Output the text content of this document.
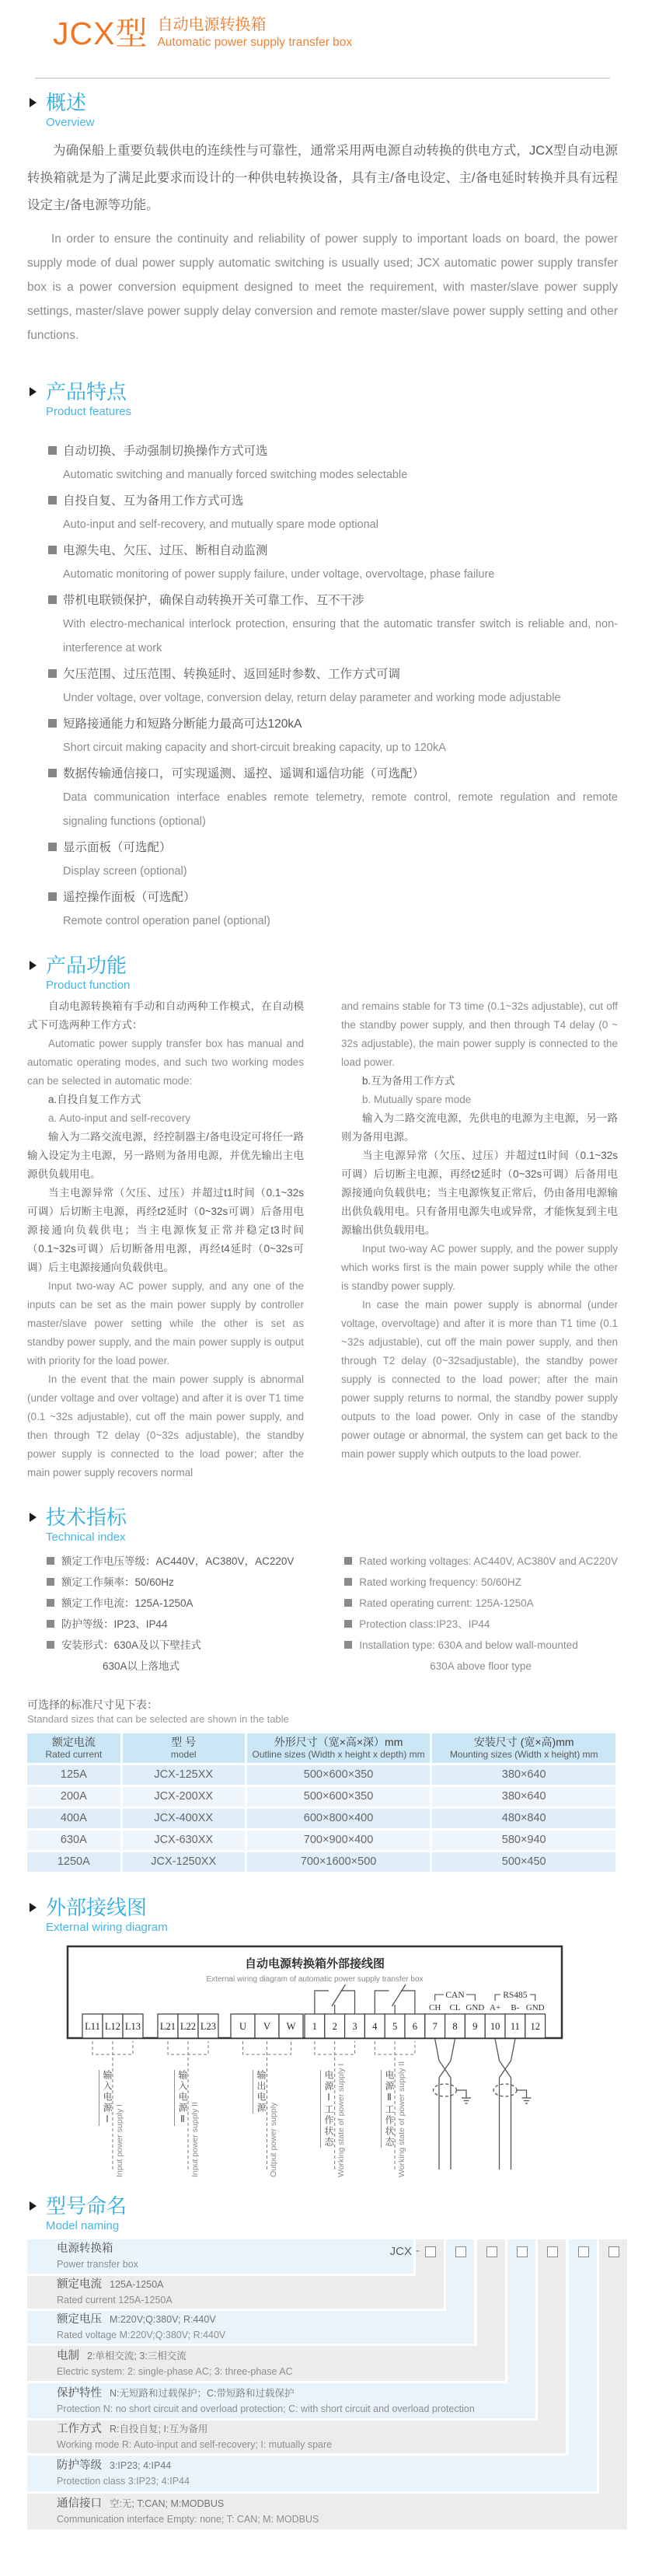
JCX型 自动电源转换箱
Automatic power supply transfer box
概述
Overview

为确保船上重要负载供电的连续性与可靠性，通常采用两电源自动转换的供电方式，JCX型自动电源转换箱就是为了满足此要求而设计的一种供电转换设备，具有主/备电设定、主/备电延时转换并具有远程设定主/备电源等功能。

In order to ensure the continuity and reliability of power supply to important loads on board, the power supply mode of dual power supply automatic switching is usually used; JCX automatic power supply transfer box is a power conversion equipment designed to meet the requirement, with master/slave power supply settings, master/slave power supply delay conversion and remote master/slave power supply setting and other functions.

产品特点
Product features
自动切换、手动强制切换操作方式可选
Automatic switching and manually forced switching modes selectable
自投自复、互为备用工作方式可选
Auto-input and self-recovery, and mutually spare mode optional
电源失电、欠压、过压、断相自动监测
Automatic monitoring of power supply failure, under voltage, overvoltage, phase failure
带机电联锁保护，确保自动转换开关可靠工作、互不干涉
With electro-mechanical interlock protection, ensuring that the automatic transfer switch is reliable and, non-interference at work
欠压范围、过压范围、转换延时、返回延时参数、工作方式可调
Under voltage, over voltage, conversion delay, return delay parameter and working mode adjustable
短路接通能力和短路分断能力最高可达120kA
Short circuit making capacity and short-circuit breaking capacity, up to 120kA
数据传输通信接口，可实现遥测、遥控、遥调和遥信功能（可选配）
Data communication interface enables remote telemetry, remote control, remote regulation and remote signaling functions (optional)
显示面板（可选配）
Display screen (optional)
遥控操作面板（可选配）
Remote control operation panel (optional)
产品功能
Product function

自动电源转换箱有手动和自动两种工作模式，在自动模式下可选两种工作方式：

Automatic power supply transfer box has manual and automatic operating modes, and such two working modes can be selected in automatic mode:

a.自投自复工作方式

a. Auto-input and self-recovery

输入为二路交流电源，经控制器主/备电设定可将任一路输入设定为主电源，另一路则为备用电源，并优先输出主电源供负载用电。

当主电源异常（欠压、过压）并超过t1时间（0.1~32s可调）后切断主电源，再经t2延时（0~32s可调）后备用电源接通向负载供电；当主电源恢复正常并稳定t3时间（0.1~32s可调）后切断备用电源，再经t4延时（0~32s可调）后主电源接通向负载供电。

Input two-way AC power supply, and any one of the inputs can be set as the main power supply by controller master/slave power setting while the other is set as standby power supply, and the main power supply is output with priority for the load power.

In the event that the main power supply is abnormal (under voltage and over voltage) and after it is over T1 time (0.1 ~32s adjustable), cut off the main power supply, and then through T2 delay (0~32s adjustable), the standby power supply is connected to the load power; after the main power supply recovers normal

and remains stable for T3 time (0.1~32s adjustable), cut off the standby power supply, and then through T4 delay (0 ~ 32s adjustable), the main power supply is connected to the load power.

b.互为备用工作方式

b. Mutually spare mode

输入为二路交流电源，先供电的电源为主电源，另一路则为备用电源。

当主电源异常（欠压、过压）并超过t1时间（0.1~32s可调）后切断主电源，再经t2延时（0~32s可调）后备用电源接通向负载供电；当主电源恢复正常后，仍由备用电源输出供负载用电。只有备用电源失电或异常，才能恢复到主电源输出供负载用电。

Input two-way AC power supply, and the power supply which works first is the main power supply while the other is standby power supply.

In case the main power supply is abnormal (under voltage, overvoltage) and after it is more than T1 time (0.1 ~32s adjustable), cut off the main power supply, and then through T2 delay (0~32sadjustable), the standby power supply is connected to the load power; after the main power supply returns to normal, the standby power supply outputs to the load power. Only in case of the standby power outage or abnormal, the system can get back to the main power supply which outputs to the load power.

技术指标
Technical index
额定工作电压等级：AC440V，AC380V，AC220V
额定工作频率：50/60Hz
额定工作电流：125A-1250A
防护等级：IP23、IP44
安装形式：630A及以下壁挂式
630A以上落地式
Rated working voltages: AC440V, AC380V and AC220V
Rated working frequency: 50/60HZ
Rated operating current: 125A-1250A
Protection class:IP23、IP44
Installation type: 630A and below wall-mounted
630A above floor type
可选择的标准尺寸见下表：
Standard sizes that can be selected are shown in the table
额定电流
Rated current

型 号
model

外形尺寸（宽×高×深）mm
Outline sizes (Width x height x depth) mm

安装尺寸 (宽×高)mm
Mounting sizes (Width x height) mm

125A	JCX-125XX	500×600×350	380×640
200A	JCX-200XX	500×600×350	380×640
400A	JCX-400XX	600×800×400	480×840
630A	JCX-630XX	700×900×400	580×940
1250A	JCX-1250XX	700×1600×500	500×450
外部接线图
External wiring diagram
自动电源转换箱外部接线图
External wiring diagram of automatic power supply transfer box
CAN	RS485
CH CL GND A+ B- GND
L11 L12 L13 L21 L22 L23 U V W 1 2 3 4 5 6 7 8 9 10 11 12
输入电源Ⅰ
Input power supply I
输入电源Ⅱ
Input power supply II
输出电源
Output power supply	电源Ⅰ工作状态 Working state of power supply I	电源Ⅱ工作状态 Working state of power supply II
型号命名
Model naming
电源转换箱
Power transfer box
额定电流 125A-1250A
Rated current 125A-1250A
额定电压 M:220V;Q:380V; R:440V
Rated voltage M:220V;Q:380V; R:440V
电制 2:单相交流; 3:三相交流
Electric system: 2: single-phase AC; 3: three-phase AC
保护特性 N:无短路和过载保护；C:带短路和过载保护
Protection N: no short circuit and overload protection; C: with short circuit and overload protection
工作方式 R:自投自复; I:互为备用
Working mode R: Auto-input and self-recovery; I: mutually spare
防护等级 3:IP23; 4:IP44
Protection class 3:IP23; 4:IP44
通信接口 空:无; T:CAN; M:MODBUS
Communication interface Empty: none; T: CAN; M: MODBUS
JCX -
